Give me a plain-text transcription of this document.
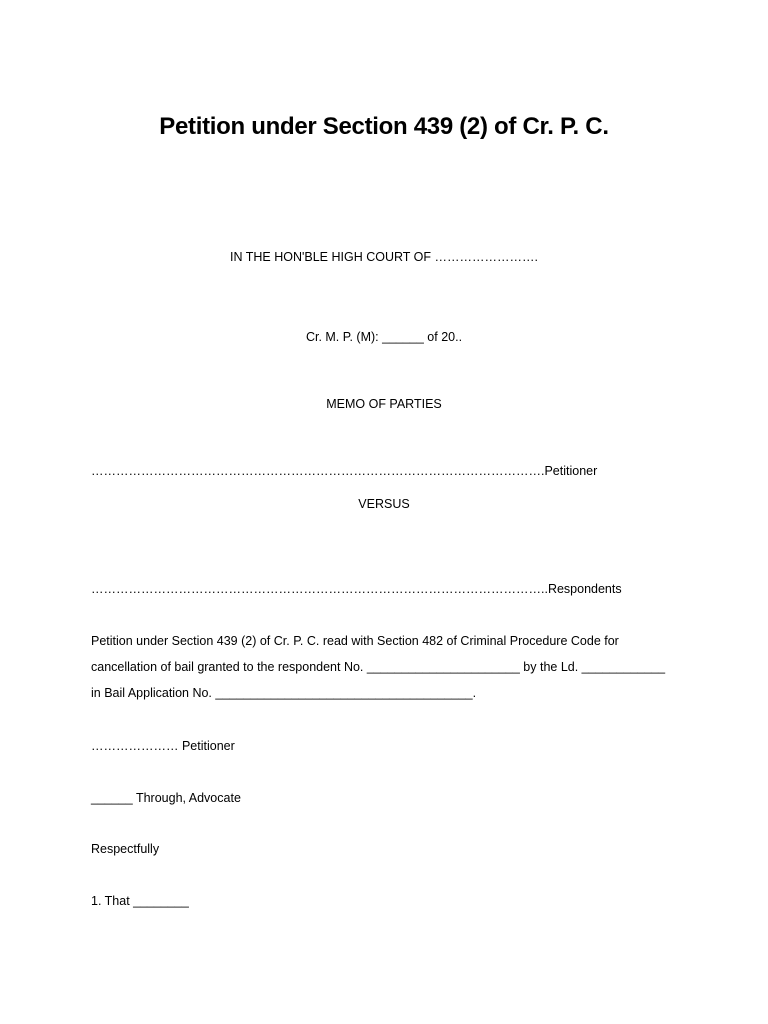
Petition under Section 439 (2) of Cr. P. C.
IN THE HON'BLE HIGH COURT OF …………………….
Cr. M. P. (M): ______ of 20..
MEMO OF PARTIES
……………………………………………………………………………………………….Petitioner
VERSUS
………………………………………………………………………………………………..Respondents
Petition under Section 439 (2) of Cr. P. C. read with Section 482 of Criminal Procedure Code for
cancellation of bail granted to the respondent No. ______________________ by the Ld. ____________
in Bail Application No. _____________________________________.
………………… Petitioner
______ Through, Advocate
Respectfully
1. That ________
